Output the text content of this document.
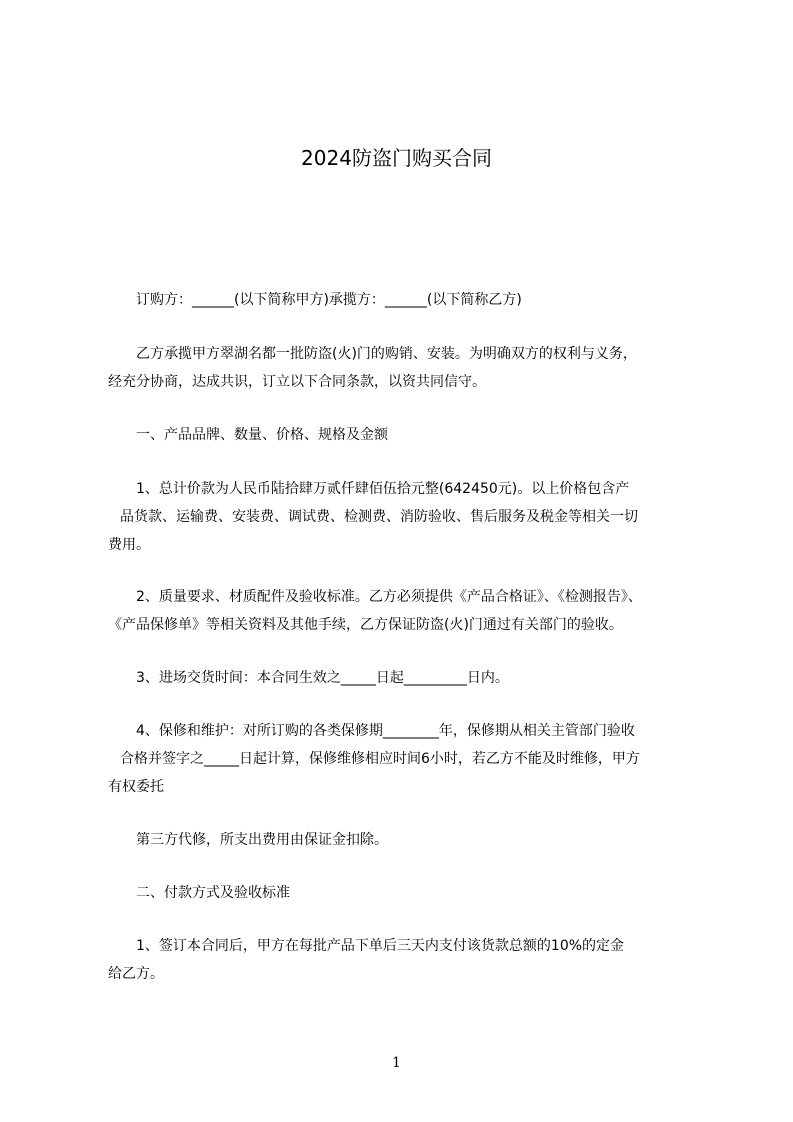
2024防盗门购买合同
订购方：______(以下简称甲方)承揽方：______(以下简称乙方)
乙方承揽甲方翠湖名都一批防盗(火)门的购销、安装。为明确双方的权利与义务，
经充分协商，达成共识，订立以下合同条款，以资共同信守。
一、产品品牌、数量、价格、规格及金额
1、总计价款为人民币陆拾肆万贰仟肆佰伍拾元整(642450元)。以上价格包含产
品货款、运输费、安装费、调试费、检测费、消防验收、售后服务及税金等相关一切
费用。
2、质量要求、材质配件及验收标准。乙方必须提供《产品合格证》、《检测报告》、
《产品保修单》等相关资料及其他手续，乙方保证防盗(火)门通过有关部门的验收。
3、进场交货时间：本合同生效之_____日起_________日内。
4、保修和维护：对所订购的各类保修期________年，保修期从相关主管部门验收
合格并签字之_____日起计算，保修维修相应时间6小时，若乙方不能及时维修，甲方
有权委托
第三方代修，所支出费用由保证金扣除。
二、付款方式及验收标准
1、签订本合同后，甲方在每批产品下单后三天内支付该货款总额的10%的定金
给乙方。
1
